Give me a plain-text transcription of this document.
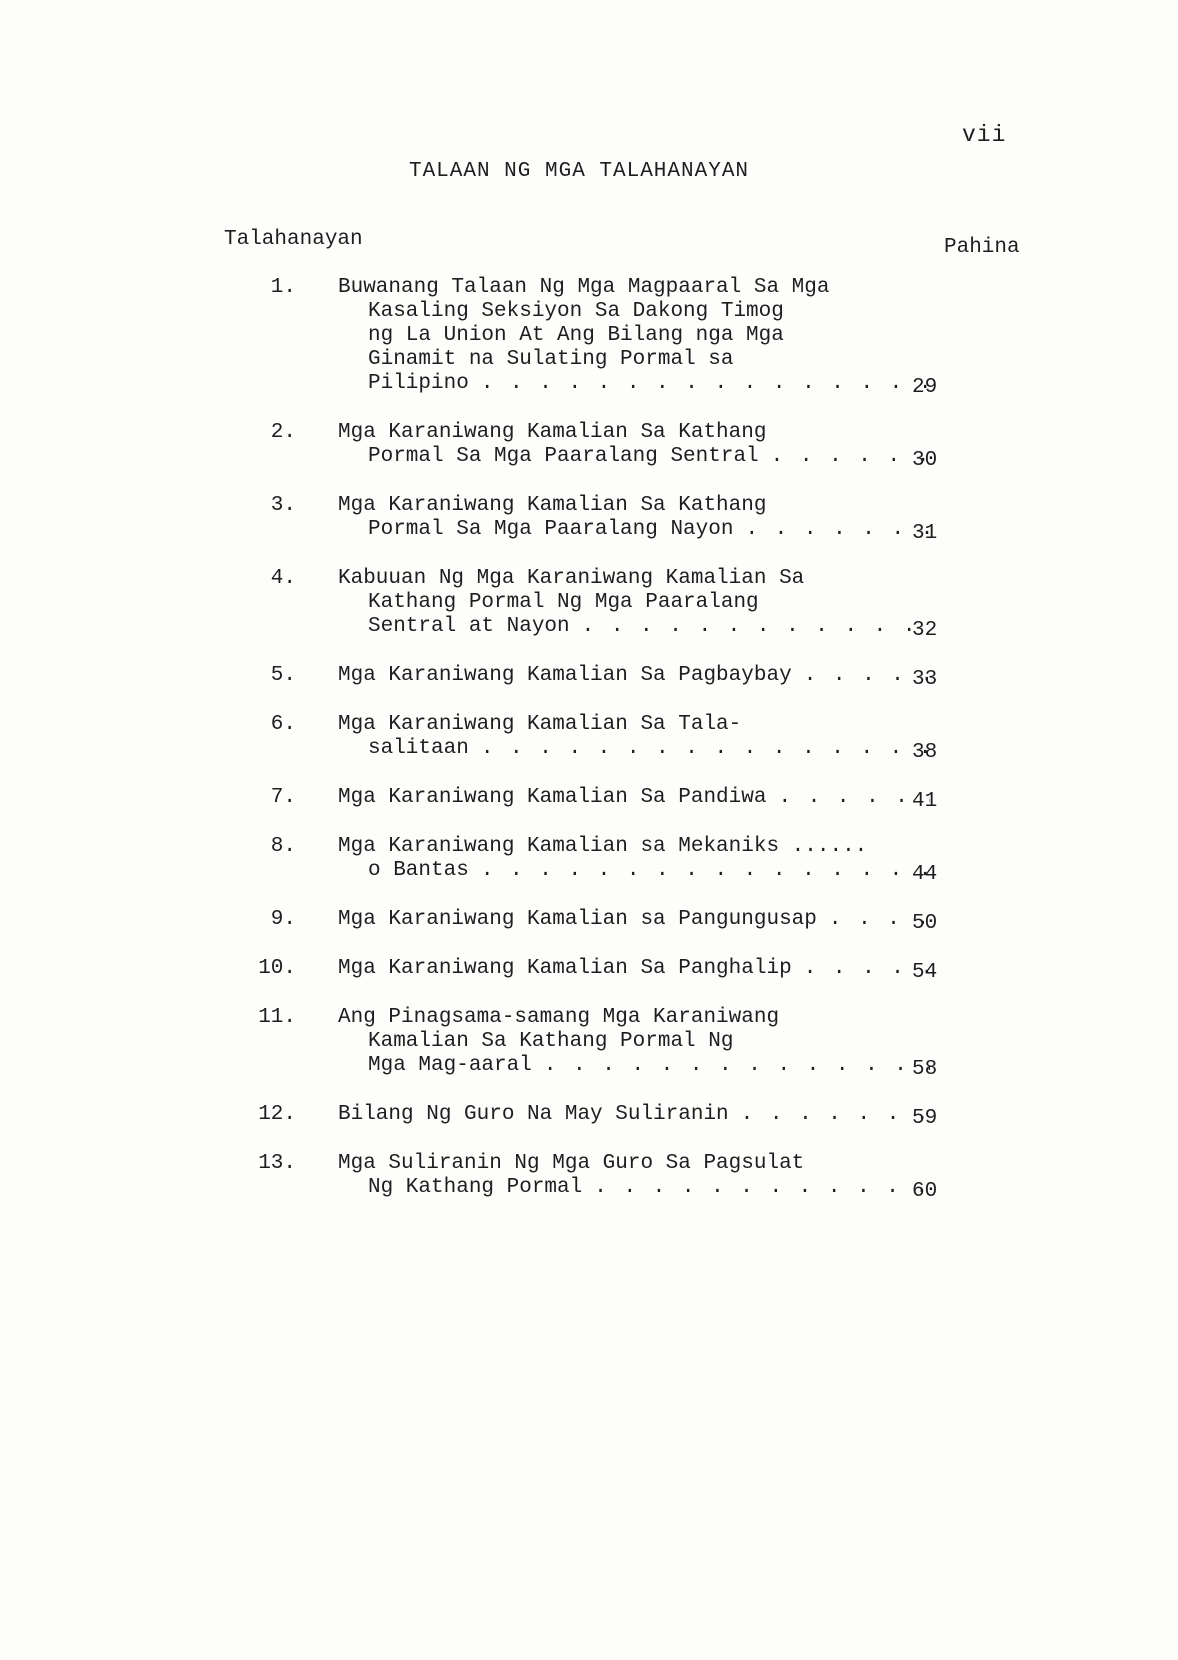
vii
TALAAN NG MGA TALAHANAYAN
Talahanayan	Pahina
1. Buwanang Talaan Ng Mga Magpaaral Sa Mga
Kasaling Seksiyon Sa Dakong Timog
ng La Union At Ang Bilang nga Mga
Ginamit na Sulating Pormal sa
Pilipino . . .	29
2. Mga Karaniwang Kamalian Sa Kathang
Pormal Sa Mga Paaralang Sentral . . .	30
3. Mga Karaniwang Kamalian Sa Kathang
Pormal Sa Mga Paaralang Nayon . . .	31
4. Kabuuan Ng Mga Karaniwang Kamalian Sa
Kathang Pormal Ng Mga Paaralang
Sentral at Nayon . . .	32
5. Mga Karaniwang Kamalian Sa Pagbaybay . . .	33
6. Mga Karaniwang Kamalian Sa Tala-
salitaan . . .	38
7. Mga Karaniwang Kamalian Sa Pandiwa . . .	41
8. Mga Karaniwang Kamalian sa Mekaniks ......
o Bantas . . .	44
9. Mga Karaniwang Kamalian sa Pangungusap . . .	50
10. Mga Karaniwang Kamalian Sa Panghalip . . .	54
11. Ang Pinagsama-samang Mga Karaniwang
Kamalian Sa Kathang Pormal Ng
Mga Mag-aaral . . .	58
12. Bilang Ng Guro Na May Suliranin . . .	59
13. Mga Suliranin Ng Mga Guro Sa Pagsulat
Ng Kathang Pormal . . .	60
